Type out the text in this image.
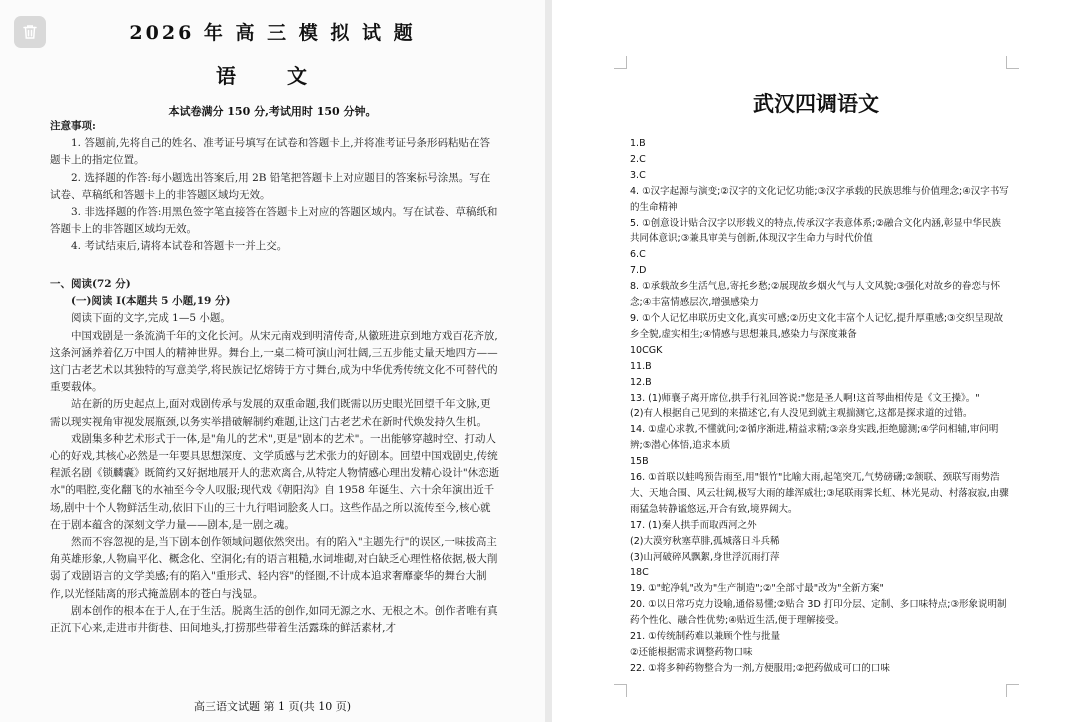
2026 年 高 三 模 拟 试 题
语 文
本试卷满分 150 分,考试用时 150 分钟。

注意事项:

1. 答题前,先将自己的姓名、准考证号填写在试卷和答题卡上,并将准考证号条形码粘贴在答题卡上的指定位置。

2. 选择题的作答:每小题选出答案后,用 2B 铅笔把答题卡上对应题目的答案标号涂黑。写在试卷、草稿纸和答题卡上的非答题区域均无效。

3. 非选择题的作答:用黑色签字笔直接答在答题卡上对应的答题区域内。写在试卷、草稿纸和答题卡上的非答题区域均无效。

4. 考试结束后,请将本试卷和答题卡一并上交。

一、阅读(72 分)

(一)阅读 I(本题共 5 小题,19 分)

阅读下面的文字,完成 1—5 小题。

中国戏剧是一条流淌千年的文化长河。从宋元南戏到明清传奇,从徽班进京到地方戏百花齐放,这条河涵养着亿万中国人的精神世界。舞台上,一桌二椅可演山河壮阔,三五步能丈量天地四方——这门古老艺术以其独特的写意美学,将民族记忆熔铸于方寸舞台,成为中华优秀传统文化不可替代的重要载体。

站在新的历史起点上,面对戏剧传承与发展的双重命题,我们既需以历史眼光回望千年文脉,更需以现实视角审视发展瓶颈,以务实举措破解制约难题,让这门古老艺术在新时代焕发持久生机。

戏剧集多种艺术形式于一体,是"角儿的艺术",更是"剧本的艺术"。一出能够穿越时空、打动人心的好戏,其核心必然是一年要具思想深度、文学质感与艺术张力的好剧本。回望中国戏剧史,传统程派名剧《锁麟囊》既简约又好据地展开人的悲欢离合,从特定人物情感心理出发精心设计"休恋逝水"的唱腔,变化翻飞的水袖至今令人叹服;现代戏《朝阳沟》自 1958 年诞生、六十余年演出近千场,剧中十个人物鲜活生动,依旧下山的三十九行唱词脍炙人口。这些作品之所以流传至今,核心就在于剧本蕴含的深刻文学力量——剧本,是一剧之魂。

然而不容忽视的是,当下剧本创作领域问题依然突出。有的陷入"主题先行"的误区,一味拔高主角英雄形象,人物扁平化、概念化、空洞化;有的语言粗糙,水词堆砌,对白缺乏心理性格依据,极大削弱了戏剧语言的文学美感;有的陷入"重形式、轻内容"的怪圈,不计成本追求奢靡豪华的舞台大制作,以光怪陆离的形式掩盖剧本的苍白与浅显。

剧本创作的根本在于人,在于生活。脱离生活的创作,如同无源之水、无根之木。创作者唯有真正沉下心来,走进市井街巷、田间地头,打捞那些带着生活露珠的鲜活素材,才

高三语文试题 第 1 页(共 10 页)
武汉四调语文

1.B

2.C

3.C

4. ①汉字起源与演变;②汉字的文化记忆功能;③汉字承载的民族思维与价值理念;④汉字书写的生命精神

5. ①创意设计贴合汉字以形载义的特点,传承汉字表意体系;②融合文化内涵,彰显中华民族共同体意识;③兼具审美与创新,体现汉字生命力与时代价值

6.C

7.D

8. ①承载故乡生活气息,寄托乡愁;②展现故乡烟火气与人文风貌;③强化对故乡的眷恋与怀念;④丰富情感层次,增强感染力

9. ①个人记忆串联历史文化,真实可感;②历史文化丰富个人记忆,提升厚重感;③交织呈现故乡全貌,虚实相生;④情感与思想兼具,感染力与深度兼备

10CGK

11.B

12.B

13. (1)师襄子离开席位,拱手行礼回答说:"您是圣人啊!这首琴曲相传是《文王操》。"

(2)有人根据自己见到的来描述它,有人没见到就主观揣测它,这都是探求道的过错。

14. ①虚心求教,不懂就问;②循序渐进,精益求精;③亲身实践,拒绝臆测;④学问相辅,审问明辨;⑤潜心体悟,追求本质

15B

16. ①首联以蛙鸣预告雨至,用"银竹"比喻大雨,起笔突兀,气势磅礴;②颔联、颈联写雨势浩大、天地合围、风云壮阔,极写大雨的雄浑威壮;③尾联雨霁长虹、林光晃动、村落寂寂,由骤雨猛急转静谧悠远,开合有致,境界阔大。

17. (1)秦人拱手而取西河之外

(2)大漠穷秋塞草腓,孤城落日斗兵稀

(3)山河破碎风飘絮,身世浮沉雨打萍

18C

19. ①"蛇净轧"改为"生产制造";②"全部寸最"改为"全新方案"

20. ①以日常巧克力设喻,通俗易懂;②贴合 3D 打印分层、定制、多口味特点;③形象说明制药个性化、融合性优势;④贴近生活,便于理解接受。

21. ①传统制药难以兼顾个性与批量

②还能根据需求调整药物口味

22. ①将多种药物整合为一剂,方便服用;②把药做成可口的口味
